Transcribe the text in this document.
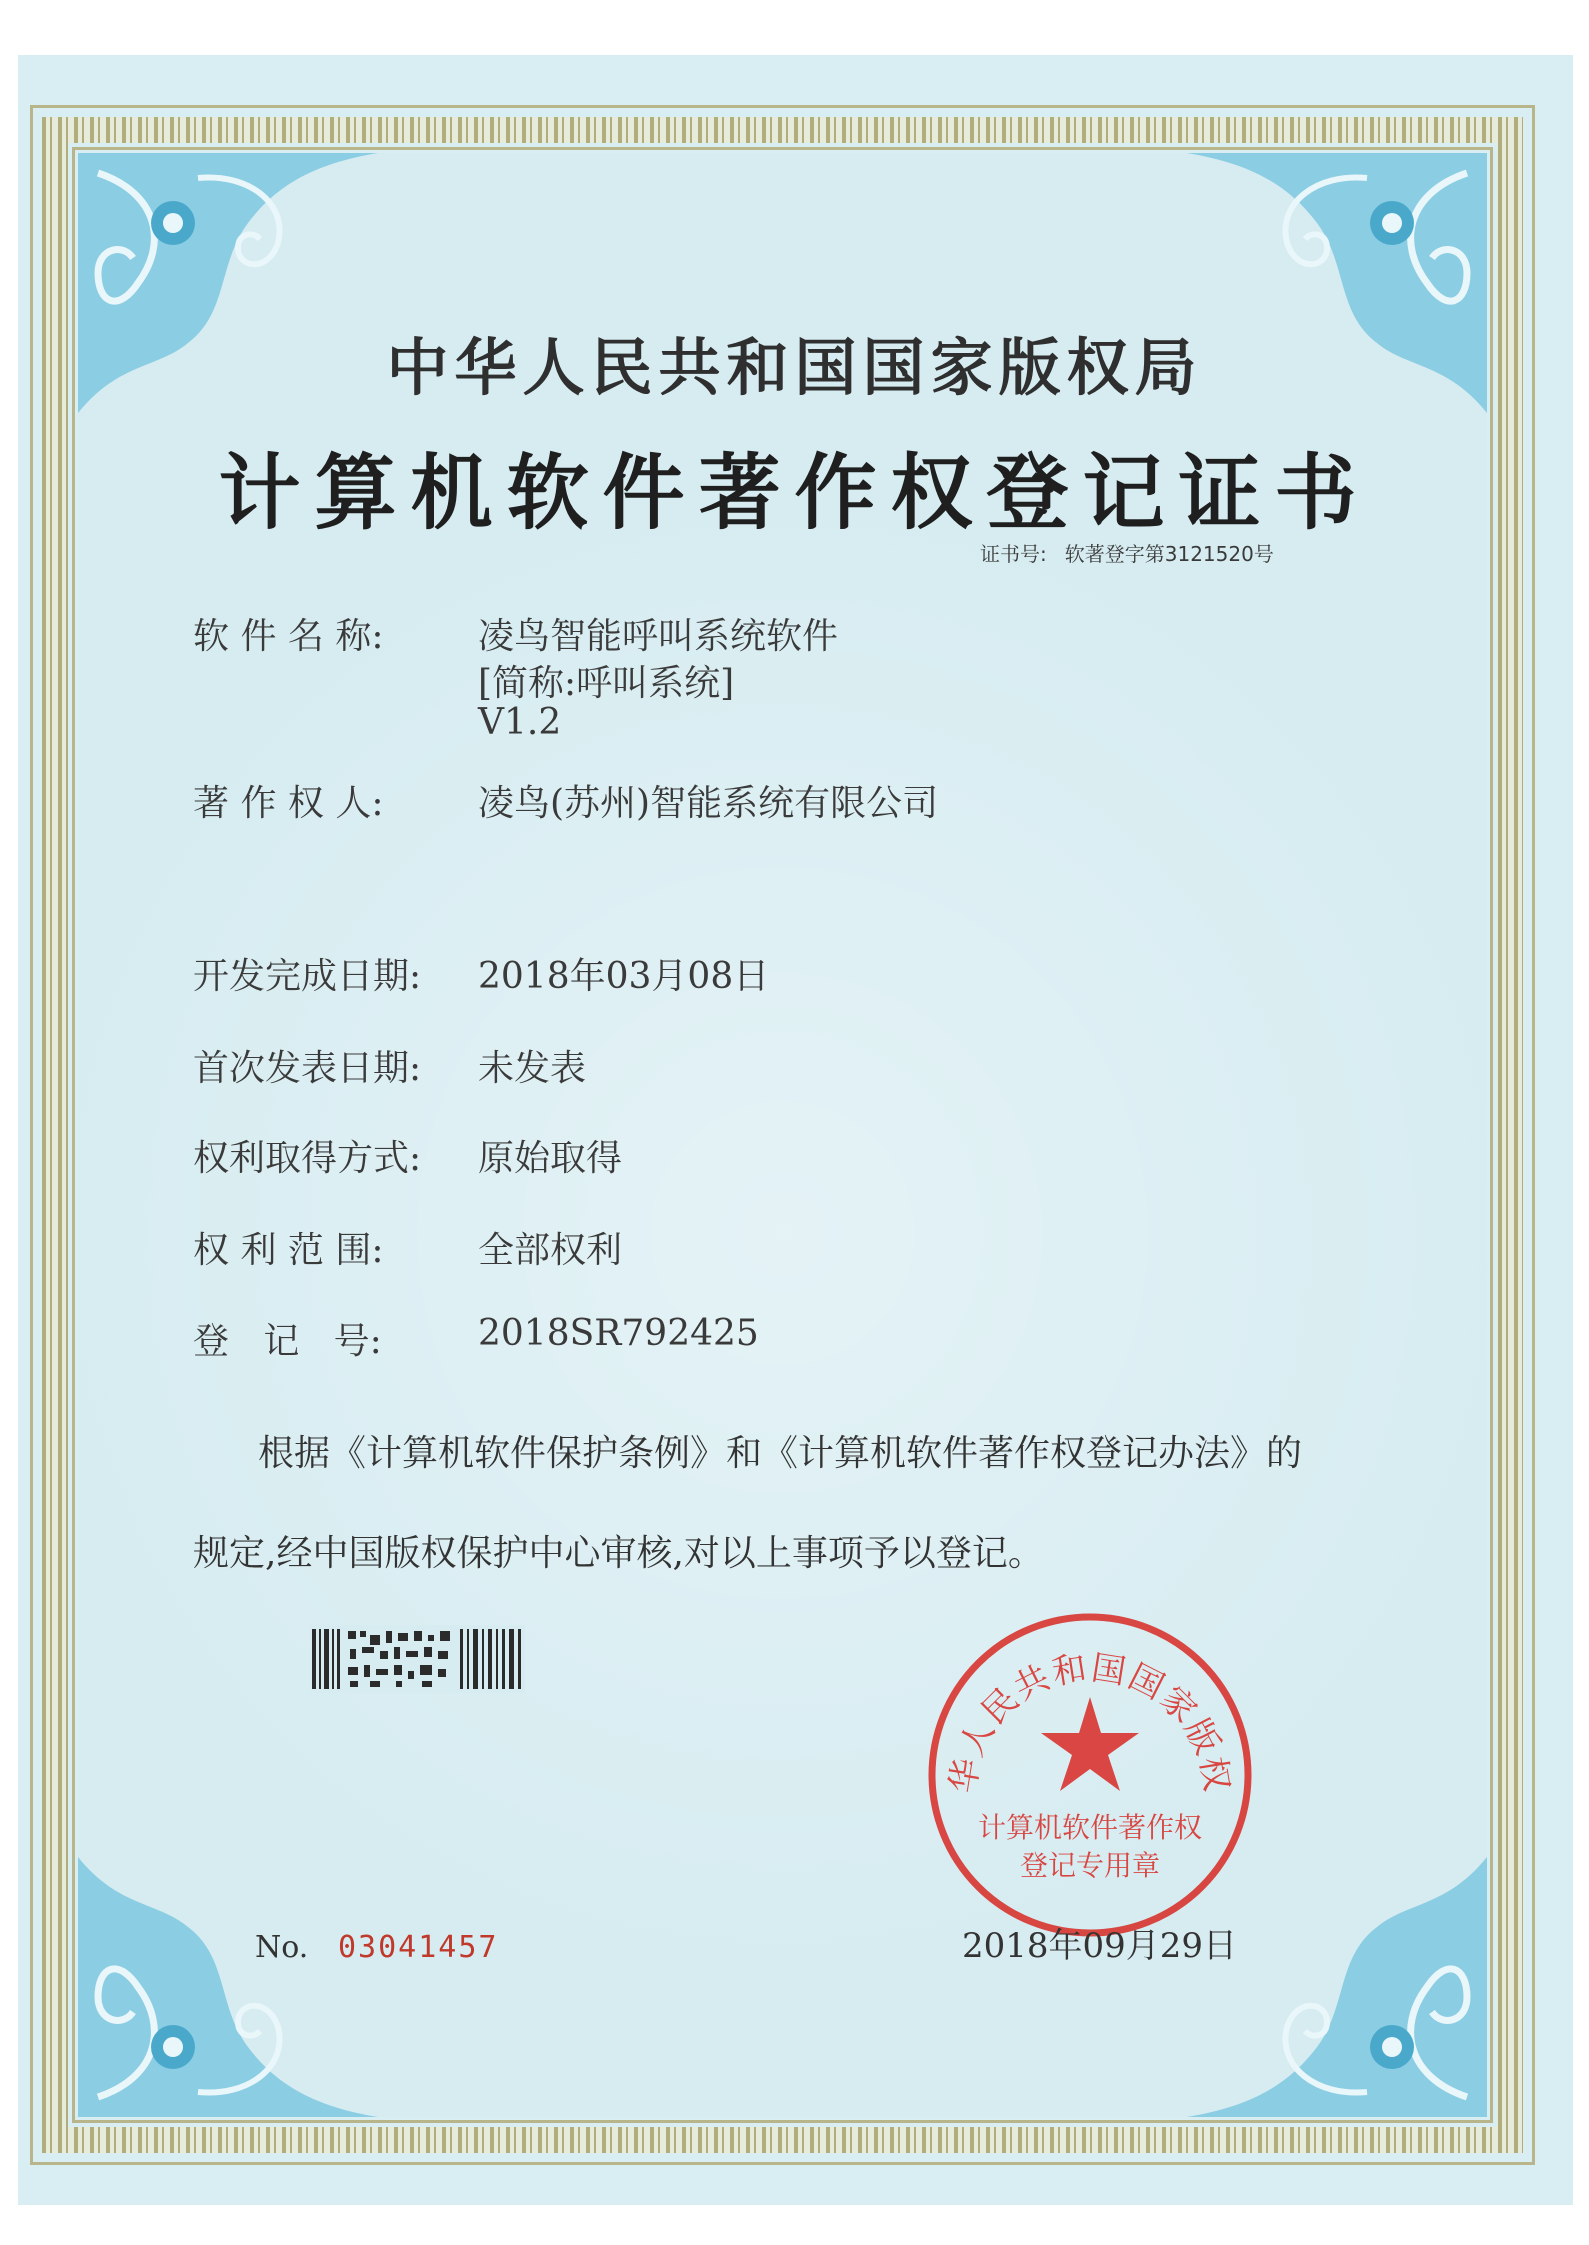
中华人民共和国国家版权局
计算机软件著作权登记证书
证书号: 软著登字第3121520号
软 件 名 称:	凌鸟智能呼叫系统软件
[简称:呼叫系统]
V1.2
著 作 权 人:	凌鸟(苏州)智能系统有限公司
开发完成日期: 2018年03月08日
首次发表日期: 未发表
权利取得方式: 原始取得
权 利 范 围:	全部权利
登   记   号:	2018SR792425
根据《计算机软件保护条例》和《计算机软件著作权登记办法》的
规定,经中国版权保护中心审核,对以上事项予以登记。
No. 03041457
华人民共和国国家版权
计算机软件著作权
登记专用章
2018年09月29日
